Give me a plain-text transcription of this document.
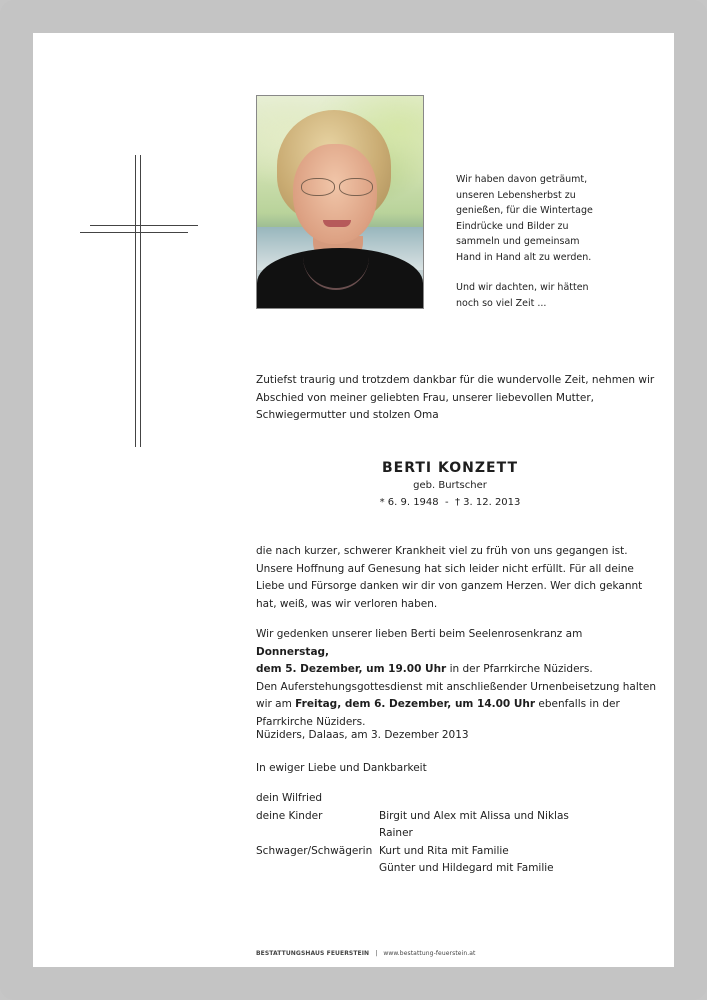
Wir haben davon geträumt,
unseren Lebensherbst zu
genießen, für die Wintertage
Eindrücke und Bilder zu
sammeln und gemeinsam
Hand in Hand alt zu werden.

Und wir dachten, wir hätten
noch so viel Zeit ...

Zutiefst traurig und trotzdem dankbar für die wundervolle Zeit, nehmen wir
Abschied von meiner geliebten Frau, unserer liebevollen Mutter,
Schwiegermutter und stolzen Oma
BERTI KONZETT
geb. Burtscher
* 6. 9. 1948  -  † 3. 12. 2013
die nach kurzer, schwerer Krankheit viel zu früh von uns gegangen ist.
Unsere Hoffnung auf Genesung hat sich leider nicht erfüllt. Für all deine
Liebe und Fürsorge danken wir dir von ganzem Herzen. Wer dich gekannt
hat, weiß, was wir verloren haben.
Wir gedenken unserer lieben Berti beim Seelenrosenkranz am Donnerstag,
dem 5. Dezember, um 19.00 Uhr in der Pfarrkirche Nüziders.
Den Auferstehungsgottesdienst mit anschließender Urnenbeisetzung halten
wir am Freitag, dem 6. Dezember, um 14.00 Uhr ebenfalls in der
Pfarrkirche Nüziders.
Nüziders, Dalaas, am 3. Dezember 2013
In ewiger Liebe und Dankbarkeit
dein Wilfried
deine Kinder	Birgit und Alex mit Alissa und Niklas
Rainer
Schwager/Schwägerin Kurt und Rita mit Familie
Günter und Hildegard mit Familie
BESTATTUNGSHAUS FEUERSTEIN | www.bestattung-feuerstein.at
